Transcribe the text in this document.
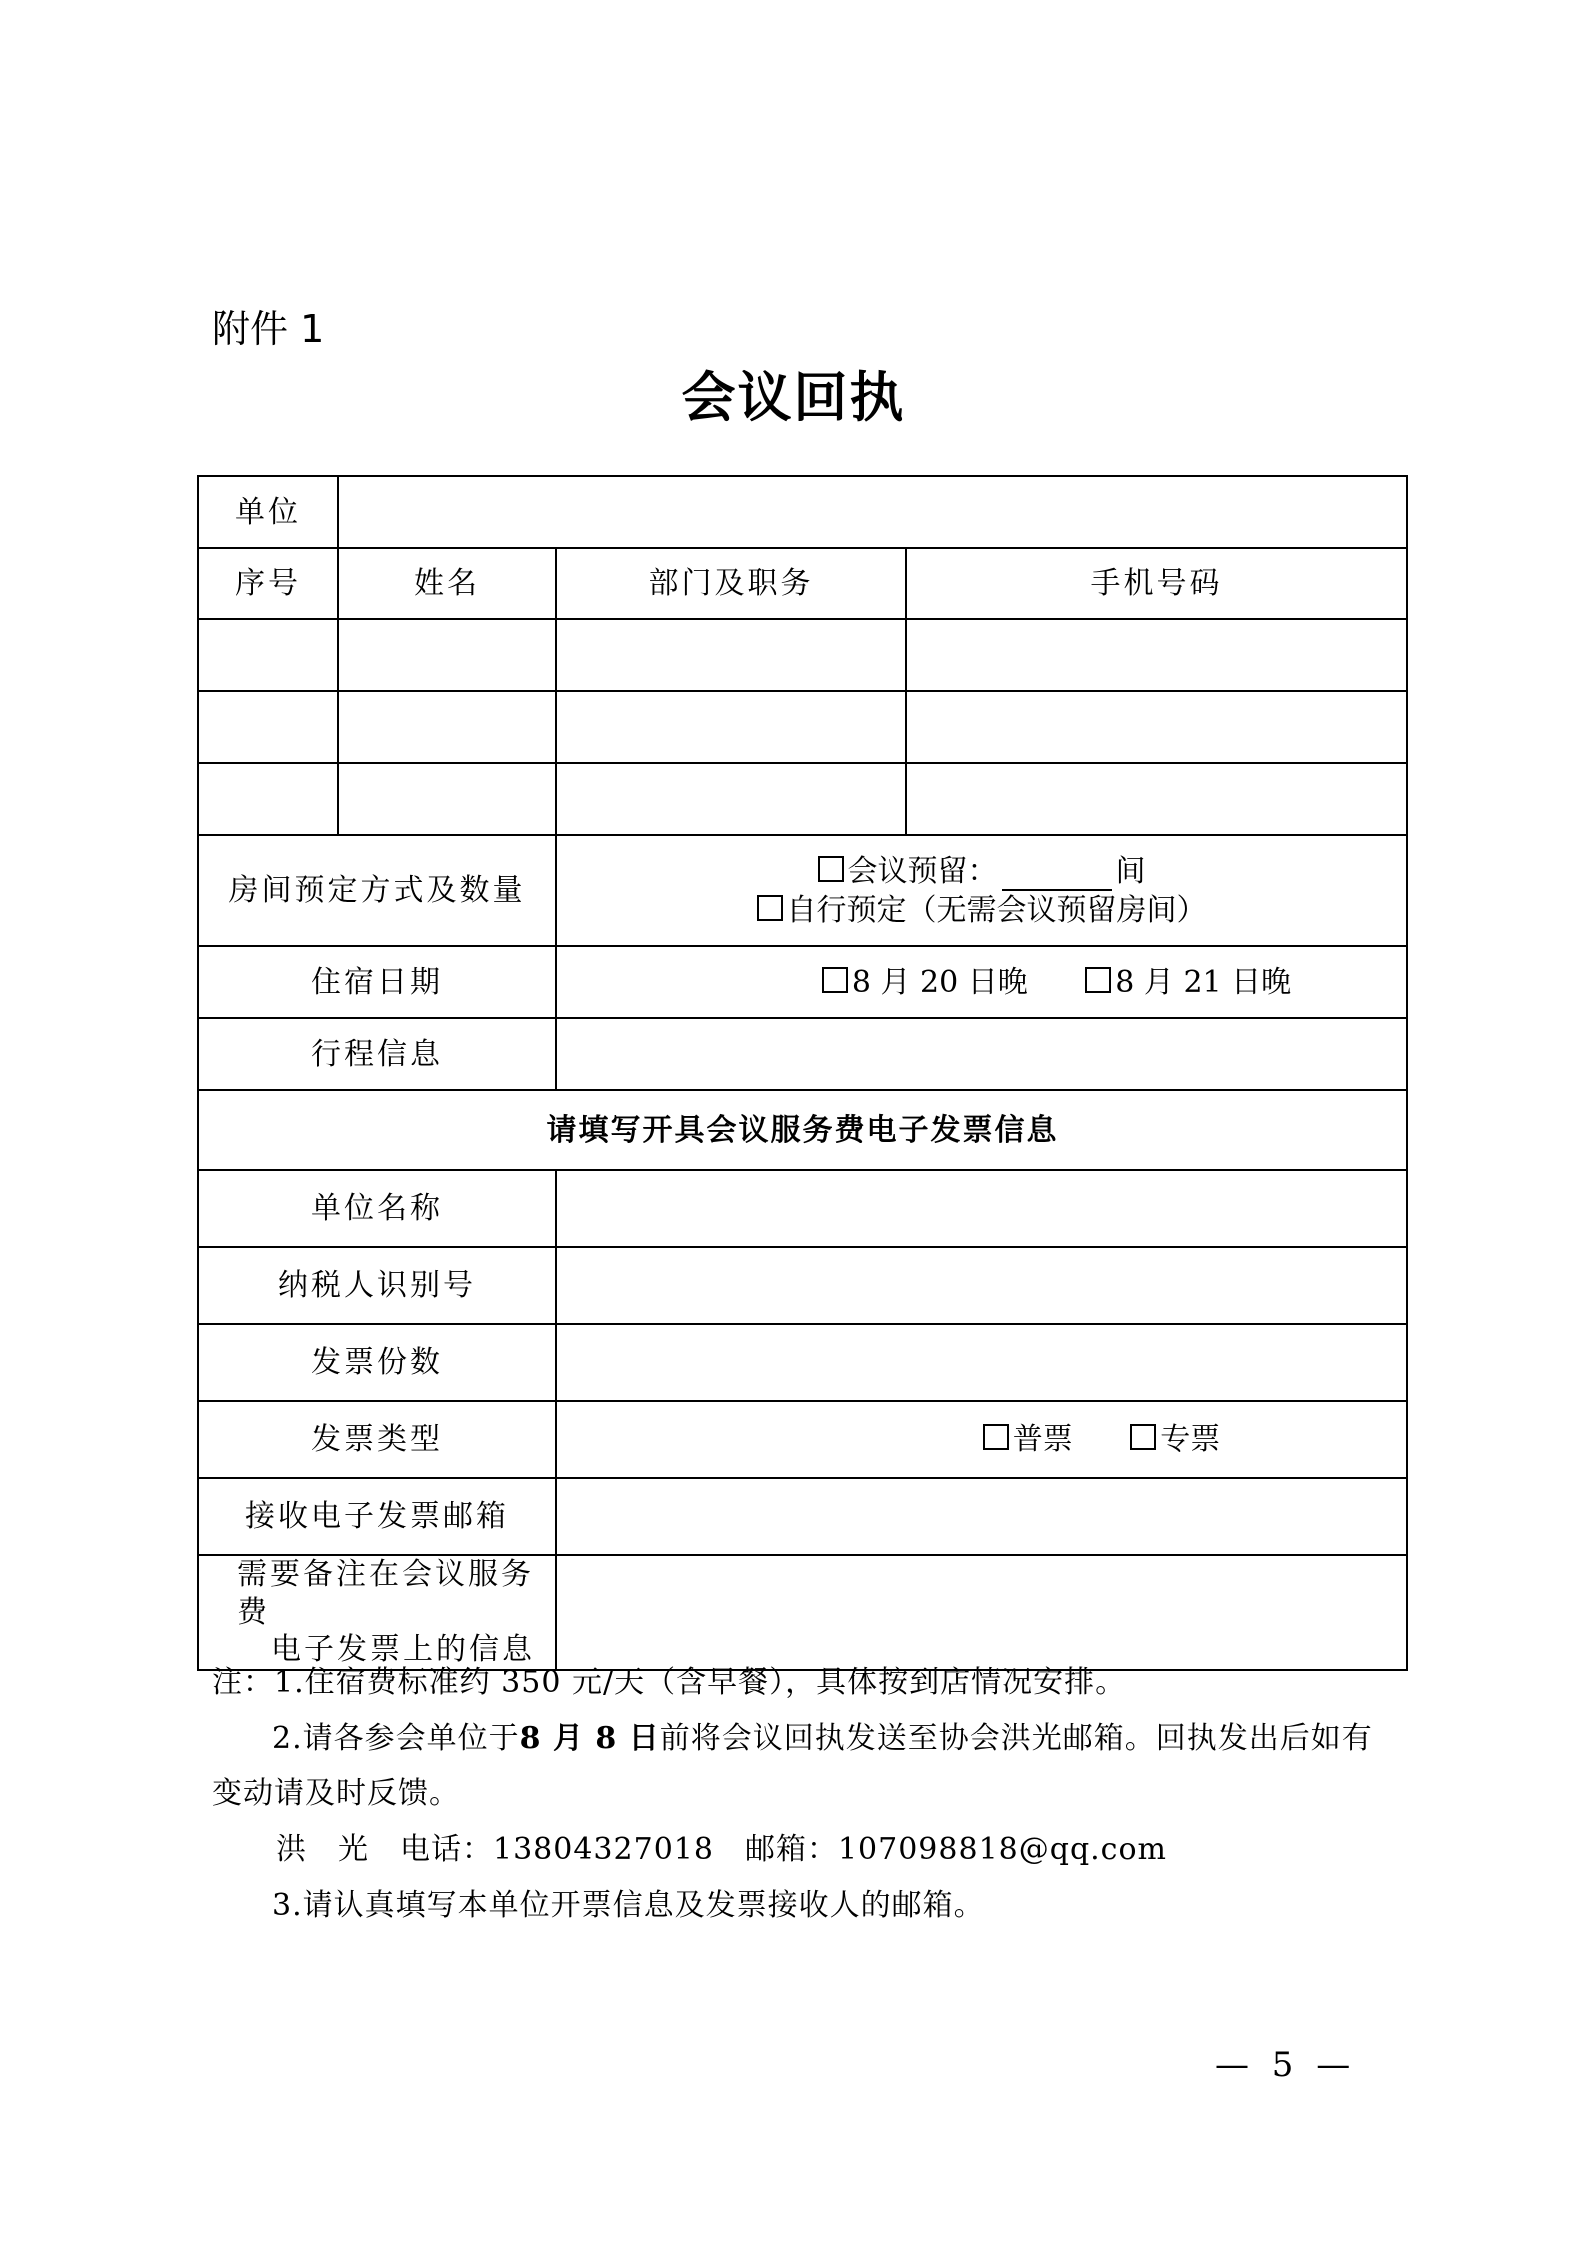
附件 1
会议回执
单位			
序号	姓名	部门及职务	手机号码

房间预定方式及数量		会议预留： 间
自行预定（无需会议预留房间）	

住宿日期		8 月 20 日晚 8 月 21 日晚	
行程信息			
请填写开具会议服务费电子发票信息			
单位名称			
纳税人识别号			
发票份数			
发票类型		普票 专票	
接收电子发票邮箱			

需要备注在会议服务费
电子发票上的信息			

注：1.住宿费标准约 350 元/天（含早餐），具体按到店情况安排。
2.请各参会单位于8 月 8 日前将会议回执发送至协会洪光邮箱。回执发出后如有
变动请及时反馈。
洪　光　电话：13804327018　邮箱：107098818@qq.com
3.请认真填写本单位开票信息及发票接收人的邮箱。
— 5 —
